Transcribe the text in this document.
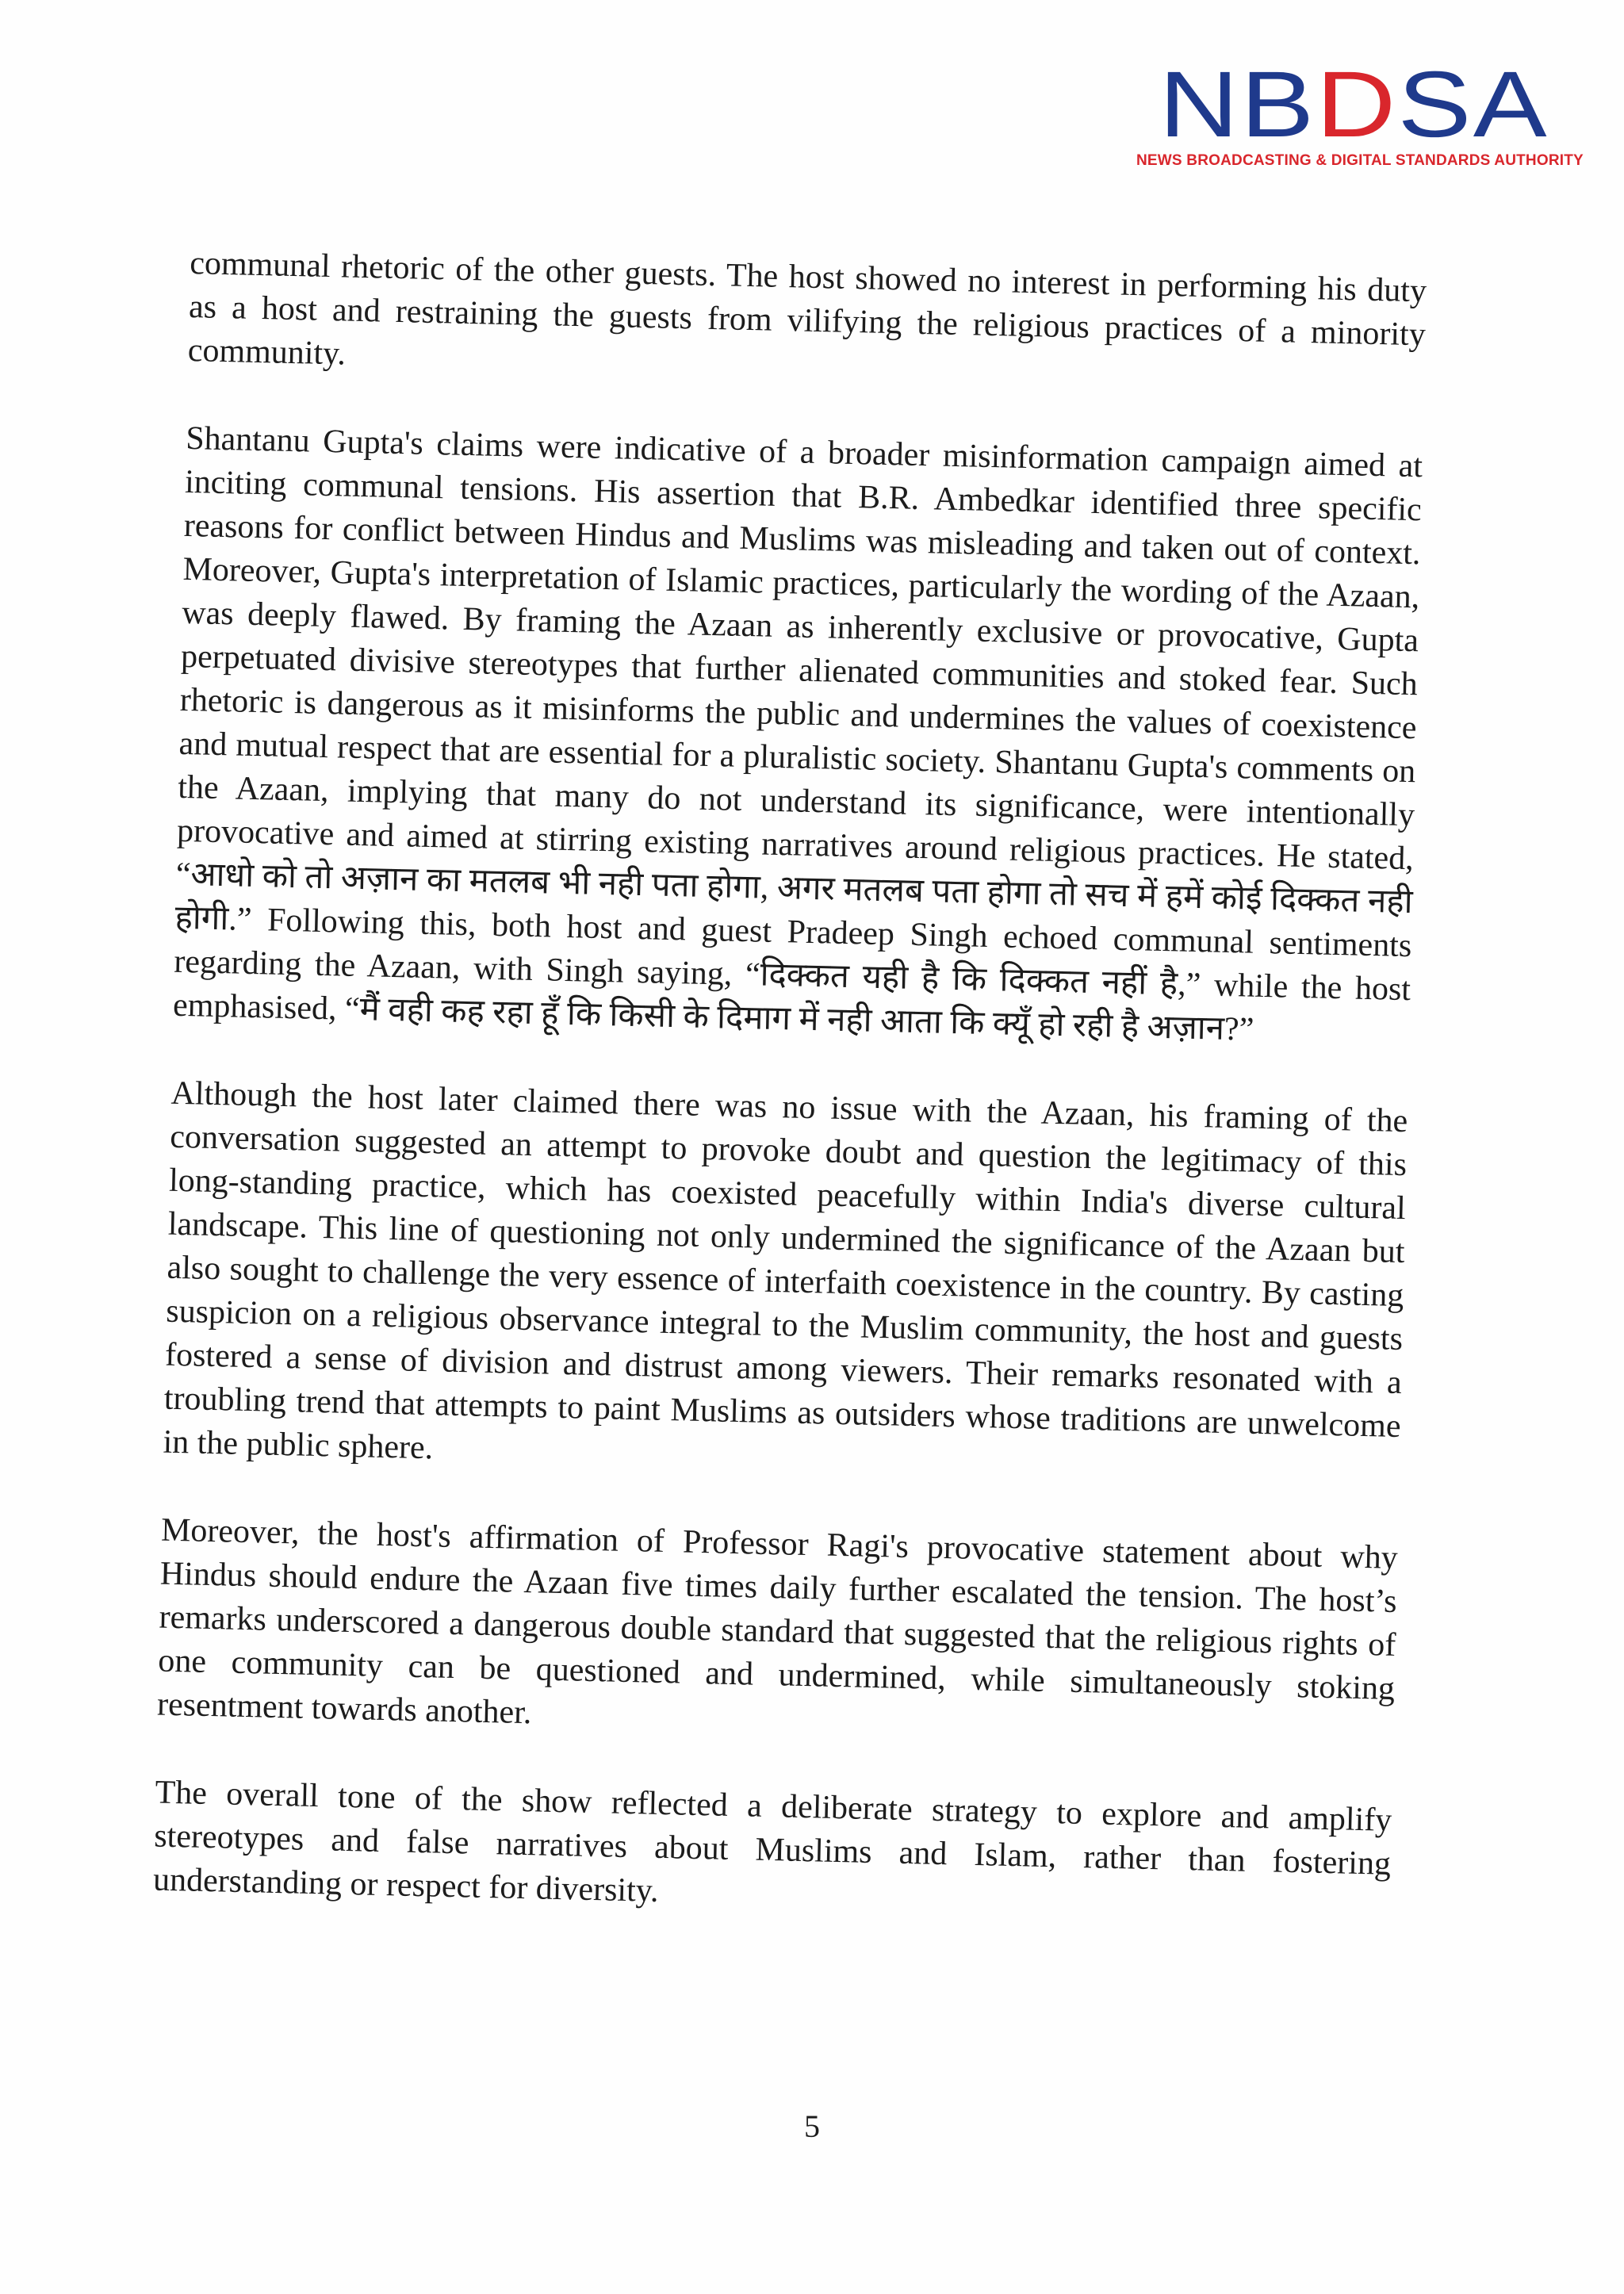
NB D SA
NEWS BROADCASTING & DIGITAL STANDARDS AUTHORITY

communal rhetoric of the other guests. The host showed no interest in performing his duty as a host and restraining the guests from vilifying the religious practices of a minority community.

Shantanu Gupta's claims were indicative of a broader misinformation campaign aimed at inciting communal tensions. His assertion that B.R. Ambedkar identified three specific reasons for conflict between Hindus and Muslims was misleading and taken out of context. Moreover, Gupta's interpretation of Islamic practices, particularly the wording of the Azaan, was deeply flawed. By framing the Azaan as inherently exclusive or provocative, Gupta perpetuated divisive stereotypes that further alienated communities and stoked fear. Such rhetoric is dangerous as it misinforms the public and undermines the values of coexistence and mutual respect that are essential for a pluralistic society. Shantanu Gupta's comments on the Azaan, implying that many do not understand its significance, were intentionally provocative and aimed at stirring existing narratives around religious practices. He stated, “आधो को तो अज़ान का मतलब भी नही पता होगा, अगर मतलब पता होगा तो सच में हमें कोई दिक्कत नही होगी.” Following this, both host and guest Pradeep Singh echoed communal sentiments regarding the Azaan, with Singh saying, “दिक्कत यही है कि दिक्कत नहीं है,” while the host emphasised, “मैं वही कह रहा हूँ कि किसी के दिमाग में नही आता कि क्यूँ हो रही है अज़ान?”

Although the host later claimed there was no issue with the Azaan, his framing of the conversation suggested an attempt to provoke doubt and question the legitimacy of this long-standing practice, which has coexisted peacefully within India's diverse cultural landscape. This line of questioning not only undermined the significance of the Azaan but also sought to challenge the very essence of interfaith coexistence in the country. By casting suspicion on a religious observance integral to the Muslim community, the host and guests fostered a sense of division and distrust among viewers. Their remarks resonated with a troubling trend that attempts to paint Muslims as outsiders whose traditions are unwelcome in the public sphere.

Moreover, the host's affirmation of Professor Ragi's provocative statement about why Hindus should endure the Azaan five times daily further escalated the tension. The host’s remarks underscored a dangerous double standard that suggested that the religious rights of one community can be questioned and undermined, while simultaneously stoking resentment towards another.

The overall tone of the show reflected a deliberate strategy to explore and amplify stereotypes and false narratives about Muslims and Islam, rather than fostering understanding or respect for diversity.

5
